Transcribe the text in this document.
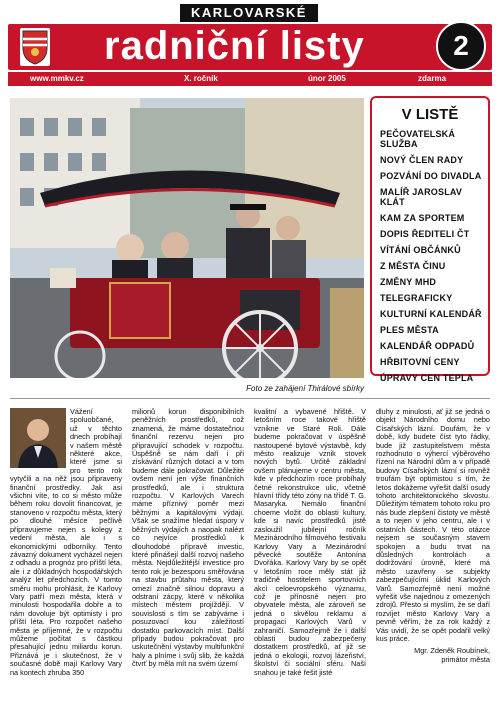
KARLOVARSKÉ
radniční listy	2
www.mmkv.cz	X. ročník	únor 2005	zdarma
Foto ze zahájení Thirálové sbírky
V LISTĚ
PEČOVATELSKÁ SLUŽBA
NOVÝ ČLEN RADY
POZVÁNÍ DO DIVADLA
MALÍŘ JAROSLAV KLÁT
KAM ZA SPORTEM
DOPIS ŘEDITELI ČT
VÍTÁNÍ OBČÁNKŮ
Z MĚSTA ČINU
ZMĚNY MHD
TELEGRAFICKY
KULTURNÍ KALENDÁŘ
PLES MĚSTA
KALENDÁŘ ODPADŮ
HŘBITOVNÍ CENY
ÚPRAVY CEN TEPLA

Vážení spoluobčané, už v těchto dnech probíhají v našem městě některé akce, které jsme si pro tento rok vytyčili a na něž jsou připraveny finanční prostředky. Jak asi všichni víte, to co si město může během roku dovolit financovat, je stanoveno v rozpočtu města, který po dlouhé měsíce pečlivě připravujeme nejen s kolegy z vedení města, ale i s ekonomickými odborníky. Tento závazný dokument vycházel nejen z odhadu a prognóz pro příští léta, ale i z důkladných hospodářských analýz let předchozích. V tomto směru mohu prohlásit, že Karlovy Vary patří mezi města, která v minulosti hospodařila dobře a to nám dovoluje být optimisty i pro příští léta. Pro rozpočet našeho města je příjemné, že v rozpočtu můžeme počítat s částkou přesahující jednu miliardu korun. Přiznává je i skutečnost, že v současné době mají Karlovy Vary na kontech zhruba 350

milionů korun disponibilních peněžních prostředků, což znamená, že máme dostatečnou finanční rezervu nejen pro připravující schodek v rozpočtu. Úspěšně se nám daří i při získávání různých dotací a v tom budeme dále pokračovat. Důležité ovšem není jen výše finančních prostředků, ale i struktura rozpočtu. V Karlových Varech máme příznivý poměr mezi běžnými a kapitálovými výdaji. Však se snažíme hledat úspory v běžných výdajích a naopak nalézt co nejvíce prostředků k dlouhodobé přípravě investic, které přinášejí další rozvoj našeho města. Nejdůležitější investice pro tento rok je bezesporu směřována na stavbu průtahu města, který omezí značně silnou dopravu a odstraní zácpy, které v několika místech městem projíždějí. V souvislosti s tím se zabýváme i posuzovací kou záležitostí dostatku parkovacích míst. Další případy budou pokračovat pro uskutečnění výstavby multifunkční haly a plníme i svůj slib, že každá čtvrť by měla mít na svém území
kvalitní a vybavené hřiště. V letošním roce takové hřiště vznikne ve Staré Roli. Dále budeme pokračovat v úspěšně nastoupené bytové výstavbě, kdy město realizuje vznik stovek nových bytů. Určitě základní ovšem plánujeme v centru města, kde v předchozím roce probíhaly četné rekonstrukce ulic, včetně hlavní třídy této zóny na třídě T. G. Masaryka. Nemálo finanční choeme vložit do oblasti kultury, kde si navíc prostředků jistě zasloužil jubilejní ročník Mezinárodního filmového festivalu Karlovy Vary a Mezinárodní pěvecké soutěže Antonína Dvořáka. Karlovy Vary by se opět v letošním roce měly stát již tradičně hostitelem sportovních akcí celoevropského významu, což je přínosné nejen pro obyvatele města, ale zároveň se jedná o skvělou reklamu a propagaci Karlových Varů v zahraničí. Samozřejmě že i další oblasti budou zabezpečeny dostatkem prostředků, ať již se jedná o ekologii, rozvoj lázeňství, školství či sociální sféru. Naší snahou je také řešit jisté
dluhy z minulosti, ať již se jedná o objekt Národního domu nebo Císařských lázní. Doufám, že v době, kdy budete číst tyto řádky, bude již zastupitelstvem města rozhodnuto o výhercí výběrového řízení na Národní dům a v případě budovy Císařských lázní si rovněž troufám být optimistou s tím, že letos dokážeme vyřešit další osudy tohoto architektonického skvostu. Důležitým tématem tohoto roku pro nás bude zlepšení čistoty ve městě a to nejen v jeho centru, ale i v ostatních částech. V této otázce nejsem se současným stavem spokojen a budu trvat na důsledných kontrolách a dodržování úrovně, které má město uzavřeny se subjekty zabezpečujícími úklid Karlových Varů. Samozřejmě není možné vyřešit vše najednou z omezených zdrojů. Přesto si myslím, že se daří rozvíjet město Karlovy Vary a pevně věřím, že za rok každý z Vás uvidí, že se opět podařil velký kus práce.
Mgr. Zdeněk Roubínek,
primátor města
